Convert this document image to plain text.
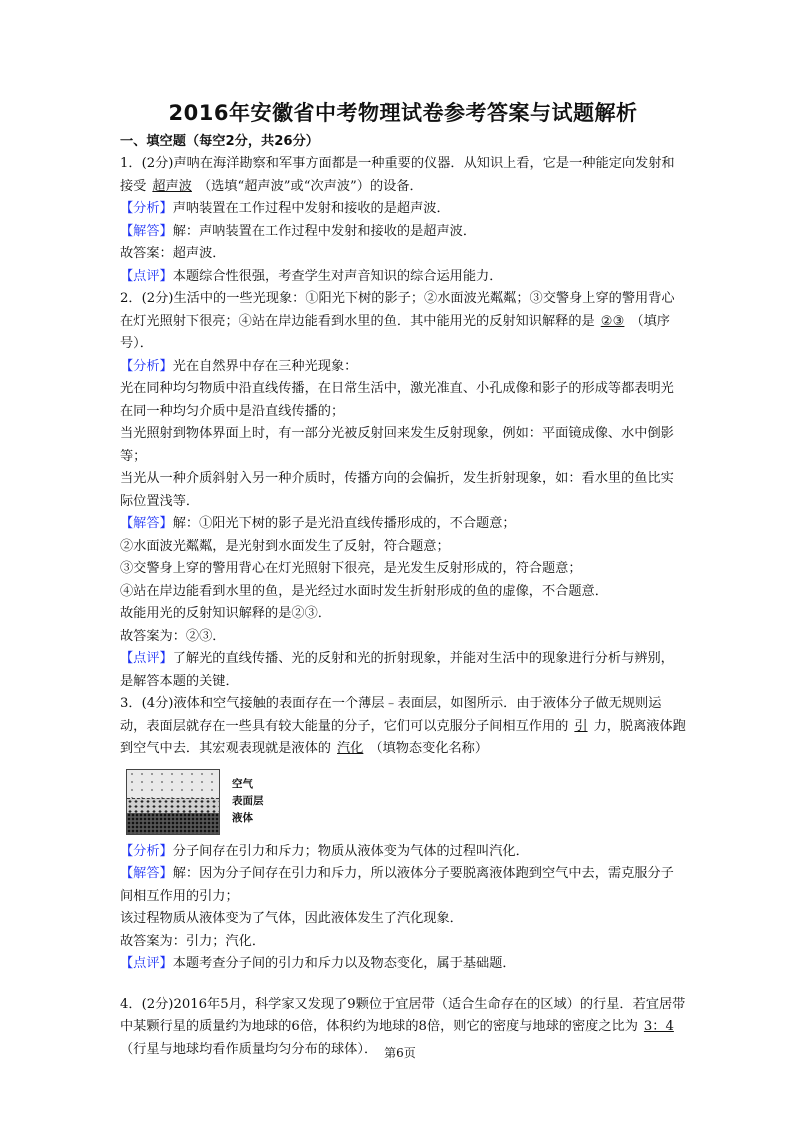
2016年安徽省中考物理试卷参考答案与试题解析
一、填空题（每空2分，共26分）

1．(2分)声呐在海洋勘察和军事方面都是一种重要的仪器．从知识上看，它是一种能定向发射和接受 超声波 （选填“超声波”或“次声波”）的设备．

【分析】声呐装置在工作过程中发射和接收的是超声波．

【解答】解：声呐装置在工作过程中发射和接收的是超声波．

故答案：超声波．

【点评】本题综合性很强，考查学生对声音知识的综合运用能力．

2．(2分)生活中的一些光现象：①阳光下树的影子；②水面波光粼粼；③交警身上穿的警用背心在灯光照射下很亮；④站在岸边能看到水里的鱼．其中能用光的反射知识解释的是 ②③ （填序号）．

【分析】光在自然界中存在三种光现象：

光在同种均匀物质中沿直线传播，在日常生活中，激光准直、小孔成像和影子的形成等都表明光在同一种均匀介质中是沿直线传播的；

当光照射到物体界面上时，有一部分光被反射回来发生反射现象，例如：平面镜成像、水中倒影等；

当光从一种介质斜射入另一种介质时，传播方向的会偏折，发生折射现象，如：看水里的鱼比实际位置浅等．

【解答】解：①阳光下树的影子是光沿直线传播形成的，不合题意；

②水面波光粼粼，是光射到水面发生了反射，符合题意；

③交警身上穿的警用背心在灯光照射下很亮，是光发生反射形成的，符合题意；

④站在岸边能看到水里的鱼，是光经过水面时发生折射形成的鱼的虚像，不合题意．

故能用光的反射知识解释的是②③．

故答案为：②③．

【点评】了解光的直线传播、光的反射和光的折射现象，并能对生活中的现象进行分析与辨别，是解答本题的关键．

3．(4分)液体和空气接触的表面存在一个薄层﹣表面层，如图所示．由于液体分子做无规则运动，表面层就存在一些具有较大能量的分子，它们可以克服分子间相互作用的 引 力，脱离液体跑到空气中去．其宏观表现就是液体的 汽化 （填物态变化名称）

空气
表面层
液体

【分析】分子间存在引力和斥力；物质从液体变为气体的过程叫汽化．

【解答】解：因为分子间存在引力和斥力，所以液体分子要脱离液体跑到空气中去，需克服分子间相互作用的引力；

该过程物质从液体变为了气体，因此液体发生了汽化现象．

故答案为：引力；汽化．

【点评】本题考查分子间的引力和斥力以及物态变化，属于基础题．

4．(2分)2016年5月，科学家又发现了9颗位于宜居带（适合生命存在的区域）的行星．若宜居带中某颗行星的质量约为地球的6倍，体积约为地球的8倍，则它的密度与地球的密度之比为 3：4（行星与地球均看作质量均匀分布的球体）． 第6页
